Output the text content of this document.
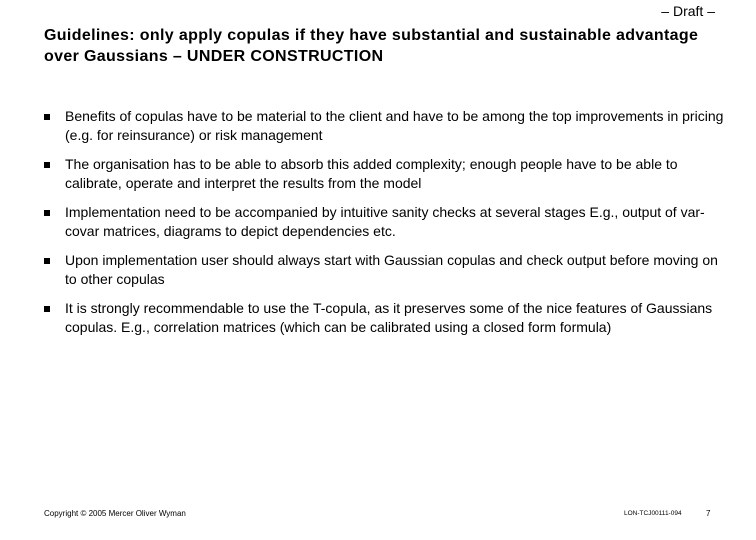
– Draft –
Guidelines: only apply copulas if they have substantial and sustainable advantage over Gaussians – UNDER CONSTRUCTION
Benefits of copulas have to be material to the client and have to be among the top improvements in pricing (e.g. for reinsurance) or risk management
The organisation has to be able to absorb this added complexity; enough people have to be able to calibrate, operate and interpret the results from the model
Implementation need to be accompanied by intuitive sanity checks at several stages E.g., output of var-covar matrices, diagrams to depict dependencies etc.
Upon implementation user should always start with Gaussian copulas and check output before moving on to other copulas
It is strongly recommendable to use the T-copula, as it preserves some of the nice features of Gaussians copulas. E.g., correlation matrices (which can be calibrated using a closed form formula)
Copyright © 2005 Mercer Oliver Wyman	LON-TCJ00111-094	7
